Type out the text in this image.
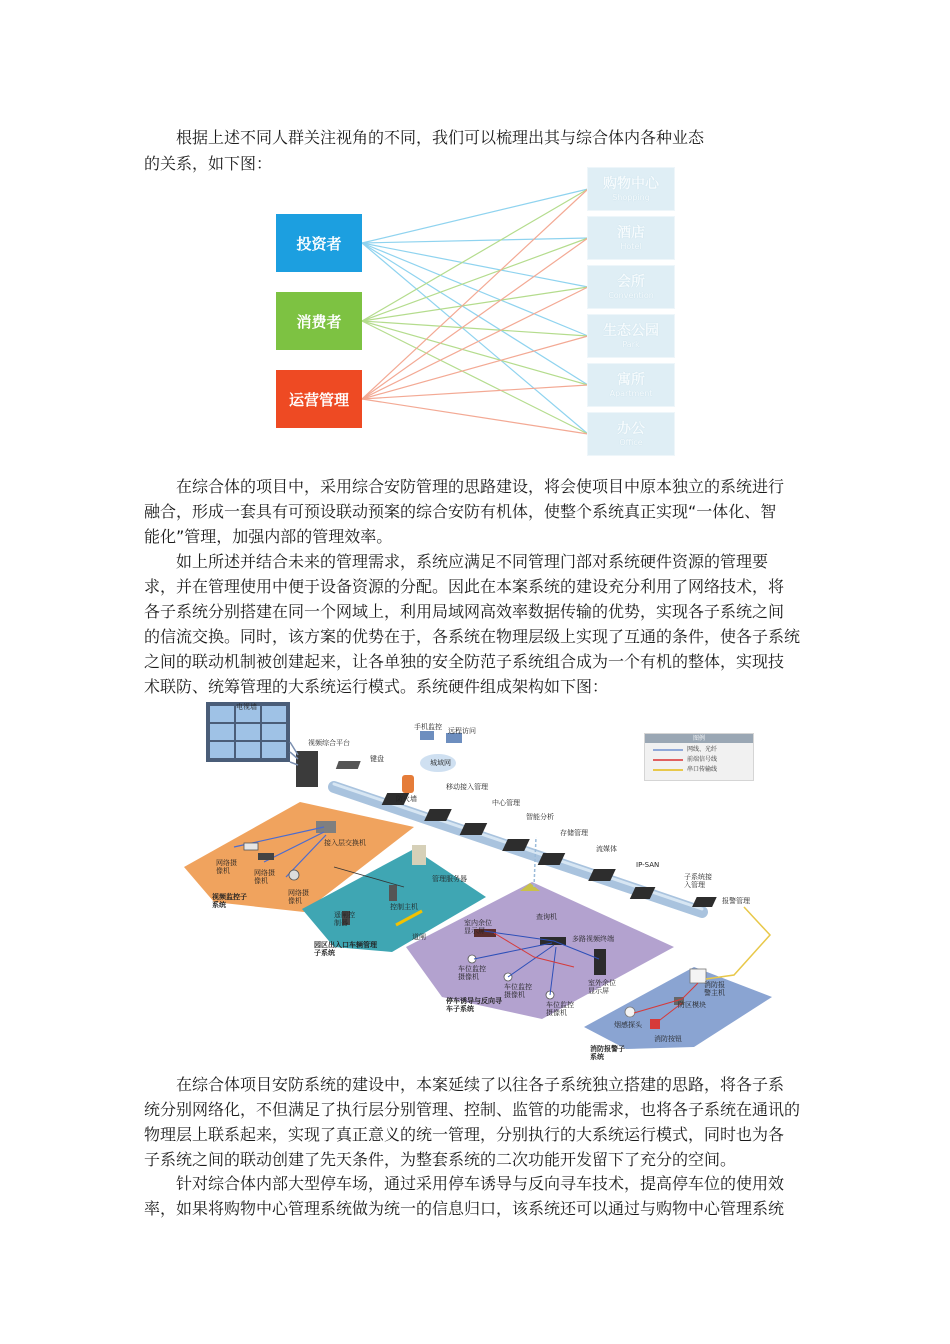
根据上述不同人群关注视角的不同，我们可以梳理出其与综合体内各种业态
的关系，如下图：

投资者
消费者
运营管理
购物中心
Shopping
酒店
Hotel
会所
Convention
生态公园
Park
寓所
Apartment
办公
Office

在综合体的项目中，采用综合安防管理的思路建设，将会使项目中原本独立的系统进行
融合，形成一套具有可预设联动预案的综合安防有机体，使整个系统真正实现“一体化、智
能化”管理，加强内部的管理效率。

如上所述并结合未来的管理需求，系统应满足不同管理门部对系统硬件资源的管理要
求，并在管理使用中便于设备资源的分配。因此在本案系统的建设充分利用了网络技术，将
各子系统分别搭建在同一个网域上，利用局域网高效率数据传输的优势，实现各子系统之间
的信流交换。同时，该方案的优势在于，各系统在物理层级上实现了互通的条件，使各子系统
之间的联动机制被创建起来，让各单独的安全防范子系统组合成为一个有机的整体，实现技
术联防、统筹管理的大系统运行模式。系统硬件组成架构如下图：

图例
网线、光纤
前端信号线
串口传输线
电视墙
视频综合平台
键盘
手机监控 远程访问
城域网
防火墙
移动接入管理
中心管理
智能分析
存储管理
流媒体
IP-SAN
子系统接入管理
报警管理
接入层交换机
网络摄像机	网络摄像机
网络摄像机
视频监控子系统
管理服务器
控制主机
遥闸控制器
道闸
园区出入口车辆管理子系统
查询机
室内余位显示屏
多路视频终端
车位监控摄像机
车位监控摄像机
车位监控摄像机
室外余位显示屏
停车诱导与反向寻车子系统
消防报警主机
防区模块
烟感探头
消防按钮
消防报警子系统

在综合体项目安防系统的建设中，本案延续了以往各子系统独立搭建的思路，将各子系
统分别网络化，不但满足了执行层分别管理、控制、监管的功能需求，也将各子系统在通讯的
物理层上联系起来，实现了真正意义的统一管理，分别执行的大系统运行模式，同时也为各
子系统之间的联动创建了先天条件，为整套系统的二次功能开发留下了充分的空间。

针对综合体内部大型停车场，通过采用停车诱导与反向寻车技术，提高停车位的使用效
率，如果将购物中心管理系统做为统一的信息归口，该系统还可以通过与购物中心管理系统
